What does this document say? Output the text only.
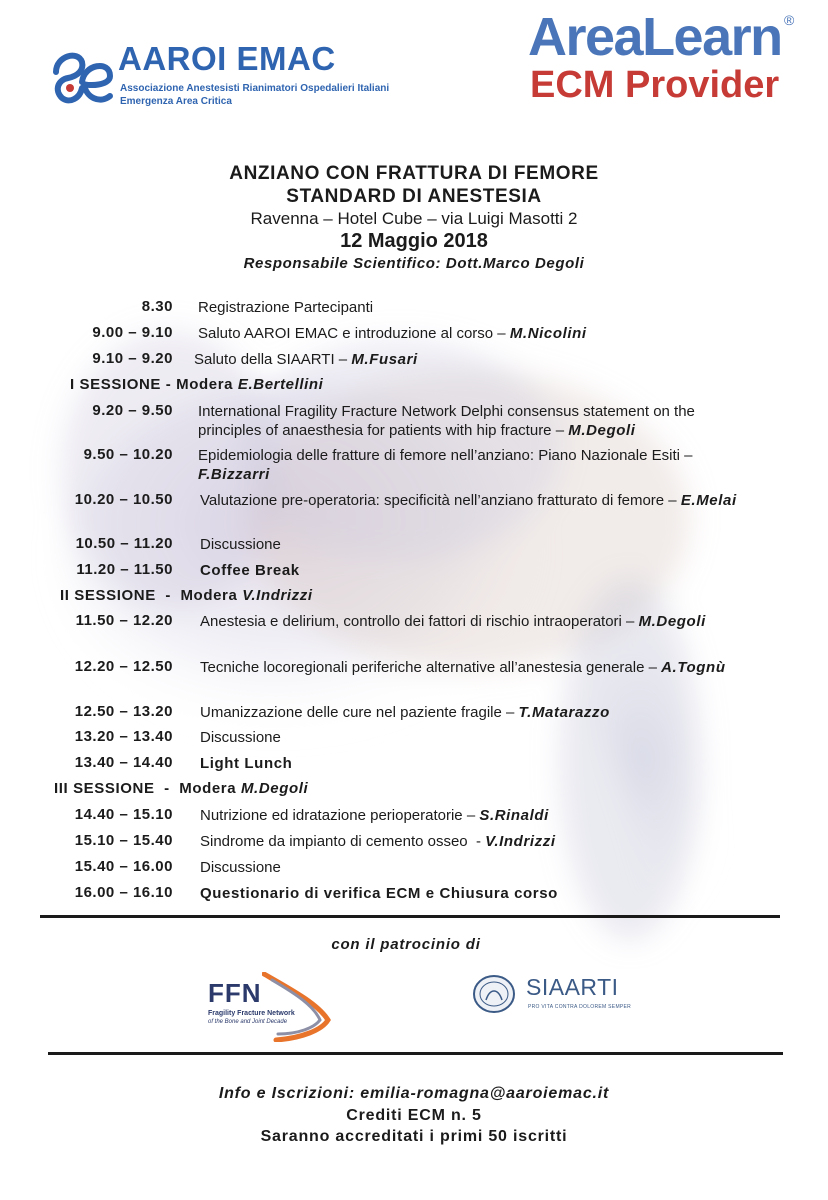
AAROI EMAC
Associazione Anestesisti Rianimatori Ospedalieri Italiani
Emergenza Area Critica
AreaLearn ®
ECM Provider
ANZIANO CON FRATTURA DI FEMORE
STANDARD DI ANESTESIA
Ravenna – Hotel Cube – via Luigi Masotti 2
12 Maggio 2018
Responsabile Scientifico: Dott.Marco Degoli
8.30 Registrazione Partecipanti
9.00 – 9.10 Saluto AAROI EMAC e introduzione al corso – M.Nicolini
9.10 – 9.20 Saluto della SIAARTI – M.Fusari
I SESSIONE - Modera E.Bertellini
9.20 – 9.50 International Fragility Fracture Network Delphi consensus statement on the principles of anaesthesia for patients with hip fracture – M.Degoli
9.50 – 10.20 Epidemiologia delle fratture di femore nell’anziano: Piano Nazionale Esiti – F.Bizzarri
10.20 – 10.50 Valutazione pre-operatoria: specificità nell’anziano fratturato di femore – E.Melai
10.50 – 11.20 Discussione
11.20 – 11.50 Coffee Break
II SESSIONE  -  Modera V.Indrizzi
11.50 – 12.20 Anestesia e delirium, controllo dei fattori di rischio intraoperatori – M.Degoli
12.20 – 12.50 Tecniche locoregionali periferiche alternative all’anestesia generale – A.Tognù
12.50 – 13.20 Umanizzazione delle cure nel paziente fragile – T.Matarazzo
13.20 – 13.40 Discussione
13.40 – 14.40 Light Lunch
III SESSIONE  -  Modera M.Degoli
14.40 – 15.10 Nutrizione ed idratazione perioperatorie – S.Rinaldi
15.10 – 15.40 Sindrome da impianto di cemento osseo  - V.Indrizzi
15.40 – 16.00 Discussione
16.00 – 16.10 Questionario di verifica ECM e Chiusura corso
con il patrocinio di
FFN
Fragility Fracture Network
of the Bone and Joint Decade
SIAARTI
PRO VITA CONTRA DOLOREM SEMPER
Info e Iscrizioni: emilia-romagna@aaroiemac.it
Crediti ECM n. 5
Saranno accreditati i primi 50 iscritti
